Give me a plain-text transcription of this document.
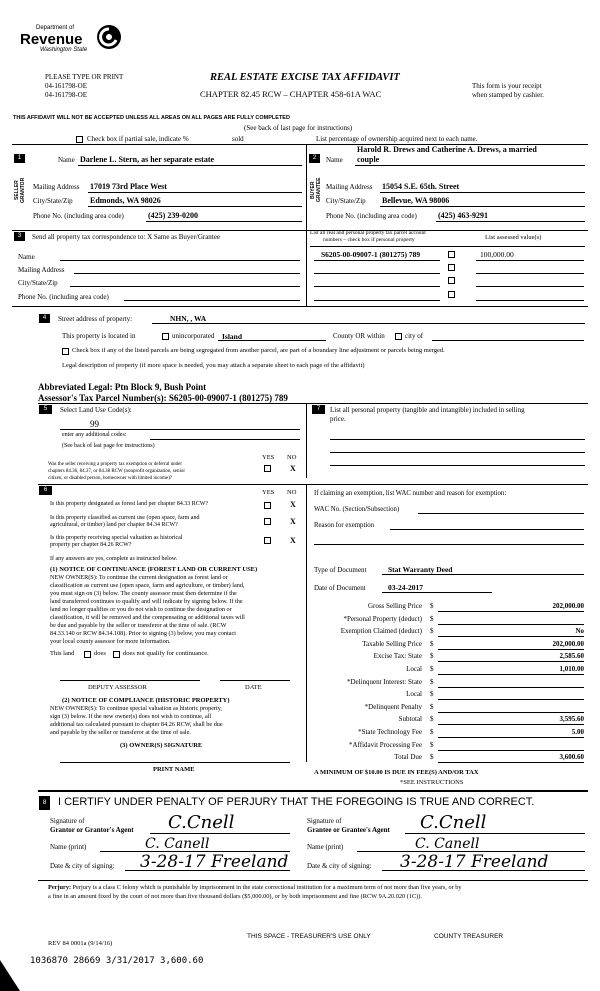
Department of
Revenue
Washington State
PLEASE TYPE OR PRINT
04-161798-OE
04-161798-OE
REAL ESTATE EXCISE TAX AFFIDAVIT
CHAPTER 82.45 RCW – CHAPTER 458-61A WAC
This form is your receipt
when stamped by cashier.
THIS AFFIDAVIT WILL NOT BE ACCEPTED UNLESS ALL AREAS ON ALL PAGES ARE FULLY COMPLETED
(See back of last page for instructions)
Check box if partial sale, indicate %	sold	List percentage of ownership acquired next to each name.
1
SELLER GRANTOR
Name Darlene L. Stern, as her separate estate
Mailing Address 17019 73rd Place West
City/State/Zip Edmonds, WA 98026
Phone No. (including area code)	(425) 239-0200
2
BUYER GRANTEE
Harold R. Drews and Catherine A. Drews, a married
Name couple
Mailing Address 15054 S.E. 65th. Street
City/State/Zip Bellevue, WA 98006
Phone No. (including area code)	(425) 463-9291
3	Send all property tax correspondence to: X Same as Buyer/Grantee
Name
Mailing Address
City/State/Zip
Phone No. (including area code)
List all real and personal property tax parcel account
numbers – check box if personal property	List assessed value(s)
S6205-00-09007-1 (801275) 789	100,000.00
4	Street address of property:	NHN, , WA
This property is located in	unincorporated Island	County OR within	city of
Check box if any of the listed parcels are being segregated from another parcel, are part of a boundary line adjustment or parcels being merged.
Legal description of property (if more space is needed, you may attach a separate sheet to each page of the affidavit)
Abbreviated Legal: Ptn Block 9, Bush Point
Assessor's Tax Parcel Number(s): S6205-00-09007-1 (801275) 789
5	Select Land Use Code(s):
99
enter any additional codes:
(See back of last page for instructions)
YES NO
Was the seller receiving a property tax exemption or deferral under
chapters 84.36, 84.37, or 84.38 RCW (nonprofit organization, senior
citizen, or disabled person, homeowner with limited income)?
X
7	List all personal property (tangible and intangible) included in selling
price.
6	YES NO
Is this property designated as forest land per chapter 84.33 RCW?	X
Is this property classified as current use (open space, farm and
agricultural, or timber) land per chapter 84.34 RCW?	X
Is this property receiving special valuation as historical
property per chapter 84.26 RCW?	X
If any answers are yes, complete as instructed below.
(1) NOTICE OF CONTINUANCE (FOREST LAND OR CURRENT USE)
NEW OWNER(S): To continue the current designation as forest land or
classification as current use (open space, farm and agriculture, or timber) land,
you must sign on (3) below. The county assessor must then determine if the
land transferred continues to qualify and will indicate by signing below. If the
land no longer qualifies or you do not wish to continue the designation or
classification, it will be removed and the compensating or additional taxes will
be due and payable by the seller or transferor at the time of sale. (RCW
84.33.140 or RCW 84.34.108). Prior to signing (3) below, you may contact
your local county assessor for more information.
This land	does	does not qualify for continuance.
DEPUTY ASSESSOR	DATE
(2) NOTICE OF COMPLIANCE (HISTORIC PROPERTY)
NEW OWNER(S): To continue special valuation as historic property,
sign (3) below. If the new owner(s) does not wish to continue, all
additional tax calculated pursuant to chapter 84.26 RCW, shall be due
and payable by the seller or transferor at the time of sale.
(3) OWNER(S) SIGNATURE
PRINT NAME
If claiming an exemption, list WAC number and reason for exemption:
WAC No. (Section/Subsection)
Reason for exemption
Type of Document	Stat Warranty Deed
Date of Document	03-24-2017
Gross Selling Price $	202,000.00
*Personal Property (deduct) $
Exemption Claimed (deduct) $	No
Taxable Selling Price $	202,000.00
Excise Tax: State $	2,585.60
Local $	1,010.00
*Delinquent Interest: State $
Local $
*Delinquent Penalty $
Subtotal $	3,595.60
*State Technology Fee $	5.00
*Affidavit Processing Fee $
Total Due $	3,600.60
A MINIMUM OF $10.00 IS DUE IN FEE(S) AND/OR TAX
*SEE INSTRUCTIONS
8	I CERTIFY UNDER PENALTY OF PERJURY THAT THE FOREGOING IS TRUE AND CORRECT.
Signature of
Grantor or Grantor's Agent C.Cnell
Name (print)	C. Canell
Date & city of signing: 3-28-17 Freeland
Signature of
Grantee or Grantee's Agent C.Cnell
Name (print)	C. Canell
Date & city of signing: 3-28-17 Freeland
Perjury: Perjury is a class C felony which is punishable by imprisonment in the state correctional institution for a maximum term of not more than five years, or by
a fine in an amount fixed by the court of not more than five thousand dollars ($5,000.00), or by both imprisonment and fine (RCW 9A.20.020 (1C)).
REV 84 0001a (9/14/16)
THIS SPACE - TREASURER'S USE ONLY	COUNTY TREASURER
1036870 28669 3/31/2017 3,600.60
